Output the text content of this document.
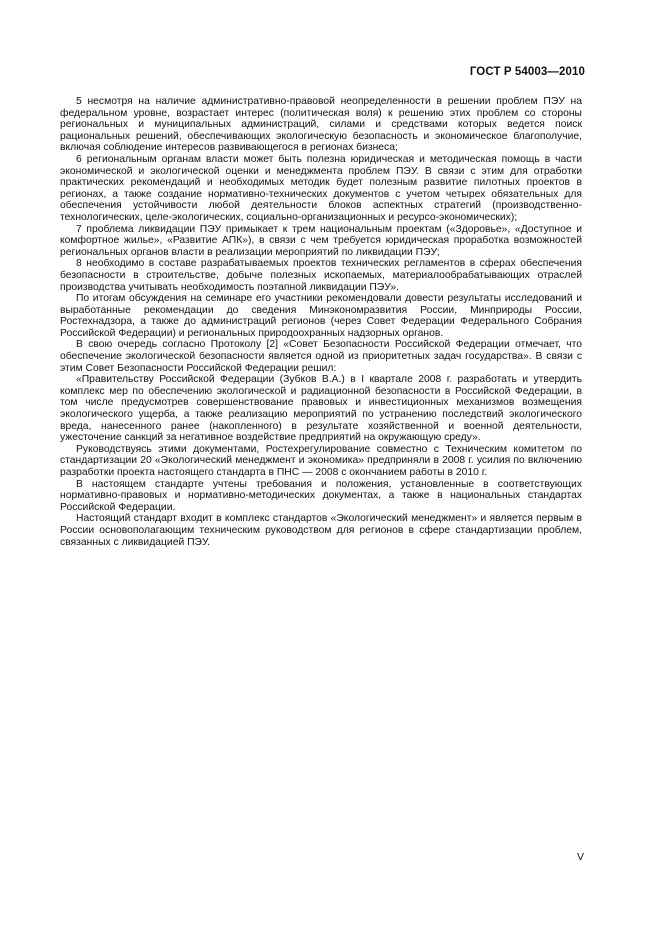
ГОСТ Р 54003—2010

5 несмотря на наличие административно-правовой неопределенности в решении проблем ПЭУ на федеральном уровне, возрастает интерес (политическая воля) к решению этих проблем со стороны региональных и муниципальных администраций, силами и средствами которых ведется поиск рациональных решений, обеспечивающих экологическую безопасность и экономическое благополучие, включая соблюдение интересов развивающегося в регионах бизнеса;

6 региональным органам власти может быть полезна юридическая и методическая помощь в части экономической и экологической оценки и менеджмента проблем ПЭУ. В связи с этим для отработки практических рекомендаций и необходимых методик будет полезным развитие пилотных проектов в регионах, а также создание нормативно-технических документов с учетом четырех обязательных для обеспечения устойчивости любой деятельности блоков аспектных стратегий (производственно-технологических, целе-экологических, социально-организационных и ресурсо-экономических);

7 проблема ликвидации ПЭУ примыкает к трем национальным проектам («Здоровье», «Доступное и комфортное жилье», «Развитие АПК»), в связи с чем требуется юридическая проработка возможностей региональных органов власти в реализации мероприятий по ликвидации ПЭУ;

8 необходимо в составе разрабатываемых проектов технических регламентов в сферах обеспечения безопасности в строительстве, добыче полезных ископаемых, материалообрабатывающих отраслей производства учитывать необходимость поэтапной ликвидации ПЭУ».

По итогам обсуждения на семинаре его участники рекомендовали довести результаты исследований и выработанные рекомендации до сведения Минэкономразвития России, Минприроды России, Ростехнадзора, а также до администраций регионов (через Совет Федерации Федерального Собрания Российской Федерации) и региональных природоохранных надзорных органов.

В свою очередь согласно Протоколу [2] «Совет Безопасности Российской Федерации отмечает, что обеспечение экологической безопасности является одной из приоритетных задач государства». В связи с этим Совет Безопасности Российской Федерации решил:

«Правительству Российской Федерации (Зубков В.А.) в I квартале 2008 г. разработать и утвердить комплекс мер по обеспечению экологической и радиационной безопасности в Российской Федерации, в том числе предусмотрев совершенствование правовых и инвестиционных механизмов возмещения экологического ущерба, а также реализацию мероприятий по устранению последствий экологического вреда, нанесенного ранее (накопленного) в результате хозяйственной и военной деятельности, ужесточение санкций за негативное воздействие предприятий на окружающую среду».

Руководствуясь этими документами, Ростехрегулирование совместно с Техническим комитетом по стандартизации 20 «Экологический менеджмент и экономика» предприняли в 2008 г. усилия по включению разработки проекта настоящего стандарта в ПНС — 2008 с окончанием работы в 2010 г.

В настоящем стандарте учтены требования и положения, установленные в соответствующих нормативно-правовых и нормативно-методических документах, а также в национальных стандартах Российской Федерации.

Настоящий стандарт входит в комплекс стандартов «Экологический менеджмент» и является первым в России основополагающим техническим руководством для регионов в сфере стандартизации проблем, связанных с ликвидацией ПЭУ.

V
